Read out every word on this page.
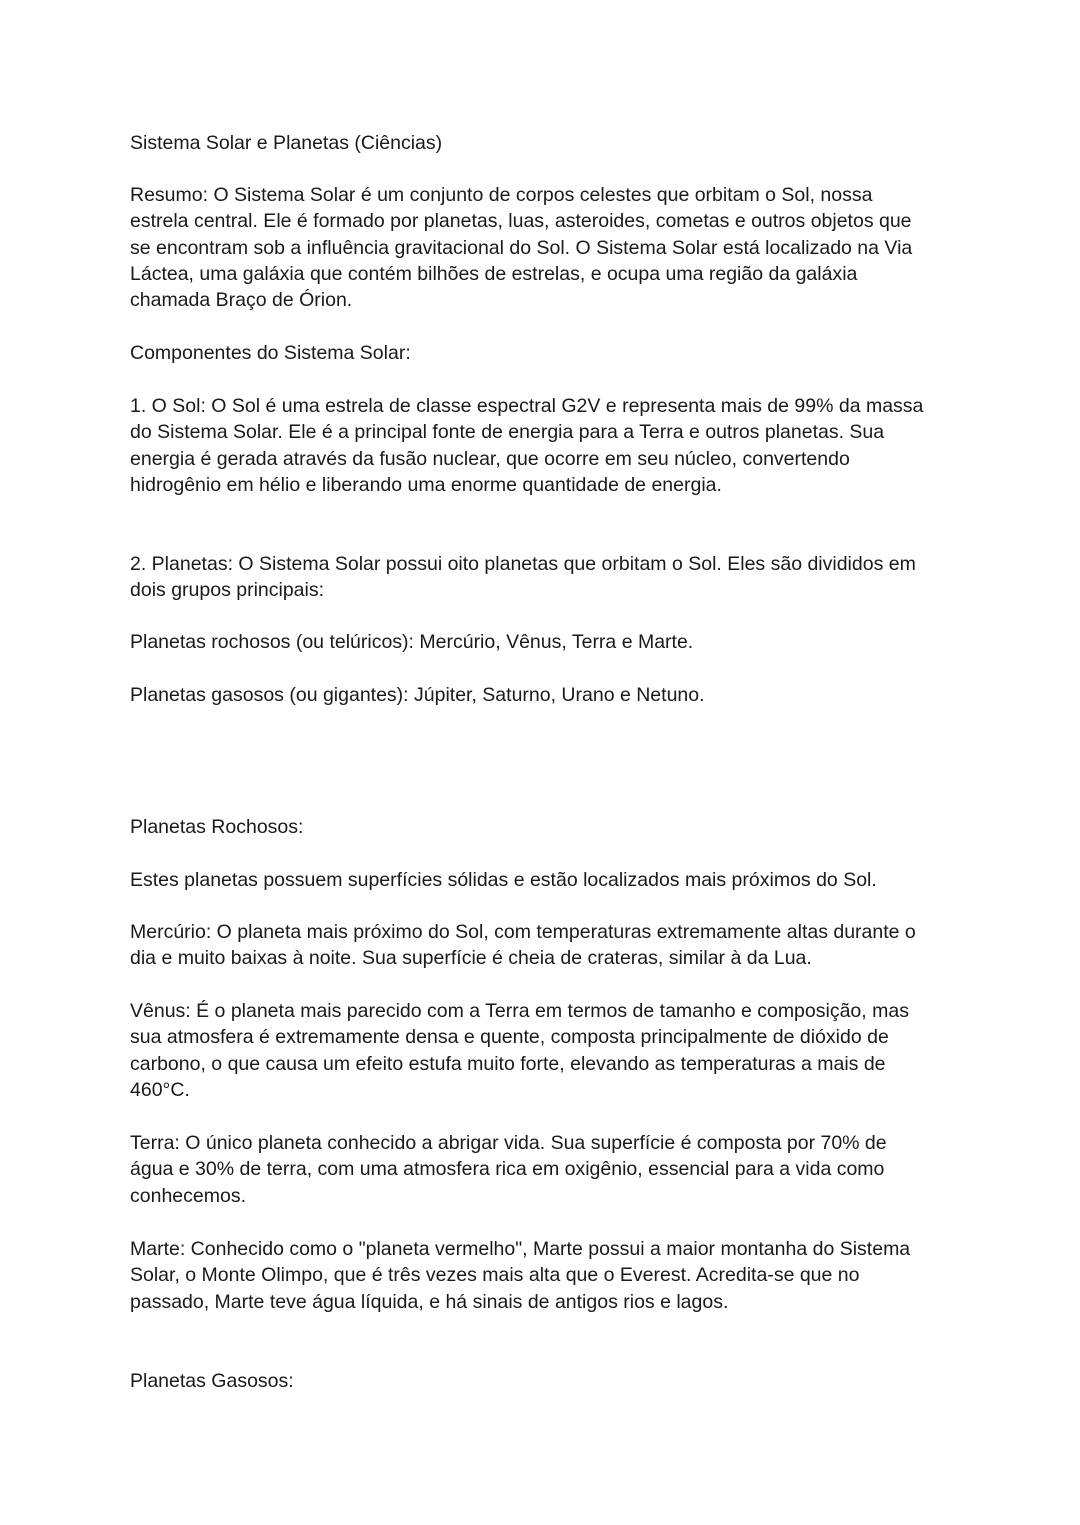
Sistema Solar e Planetas (Ciências)
Resumo: O Sistema Solar é um conjunto de corpos celestes que orbitam o Sol, nossa
estrela central. Ele é formado por planetas, luas, asteroides, cometas e outros objetos que
se encontram sob a influência gravitacional do Sol. O Sistema Solar está localizado na Via
Láctea, uma galáxia que contém bilhões de estrelas, e ocupa uma região da galáxia
chamada Braço de Órion.
Componentes do Sistema Solar:
1. O Sol: O Sol é uma estrela de classe espectral G2V e representa mais de 99% da massa
do Sistema Solar. Ele é a principal fonte de energia para a Terra e outros planetas. Sua
energia é gerada através da fusão nuclear, que ocorre em seu núcleo, convertendo
hidrogênio em hélio e liberando uma enorme quantidade de energia.
2. Planetas: O Sistema Solar possui oito planetas que orbitam o Sol. Eles são divididos em
dois grupos principais:
Planetas rochosos (ou telúricos): Mercúrio, Vênus, Terra e Marte.
Planetas gasosos (ou gigantes): Júpiter, Saturno, Urano e Netuno.
Planetas Rochosos:
Estes planetas possuem superfícies sólidas e estão localizados mais próximos do Sol.
Mercúrio: O planeta mais próximo do Sol, com temperaturas extremamente altas durante o
dia e muito baixas à noite. Sua superfície é cheia de crateras, similar à da Lua.
Vênus: É o planeta mais parecido com a Terra em termos de tamanho e composição, mas
sua atmosfera é extremamente densa e quente, composta principalmente de dióxido de
carbono, o que causa um efeito estufa muito forte, elevando as temperaturas a mais de
460°C.
Terra: O único planeta conhecido a abrigar vida. Sua superfície é composta por 70% de
água e 30% de terra, com uma atmosfera rica em oxigênio, essencial para a vida como
conhecemos.
Marte: Conhecido como o "planeta vermelho", Marte possui a maior montanha do Sistema
Solar, o Monte Olimpo, que é três vezes mais alta que o Everest. Acredita-se que no
passado, Marte teve água líquida, e há sinais de antigos rios e lagos.
Planetas Gasosos:
